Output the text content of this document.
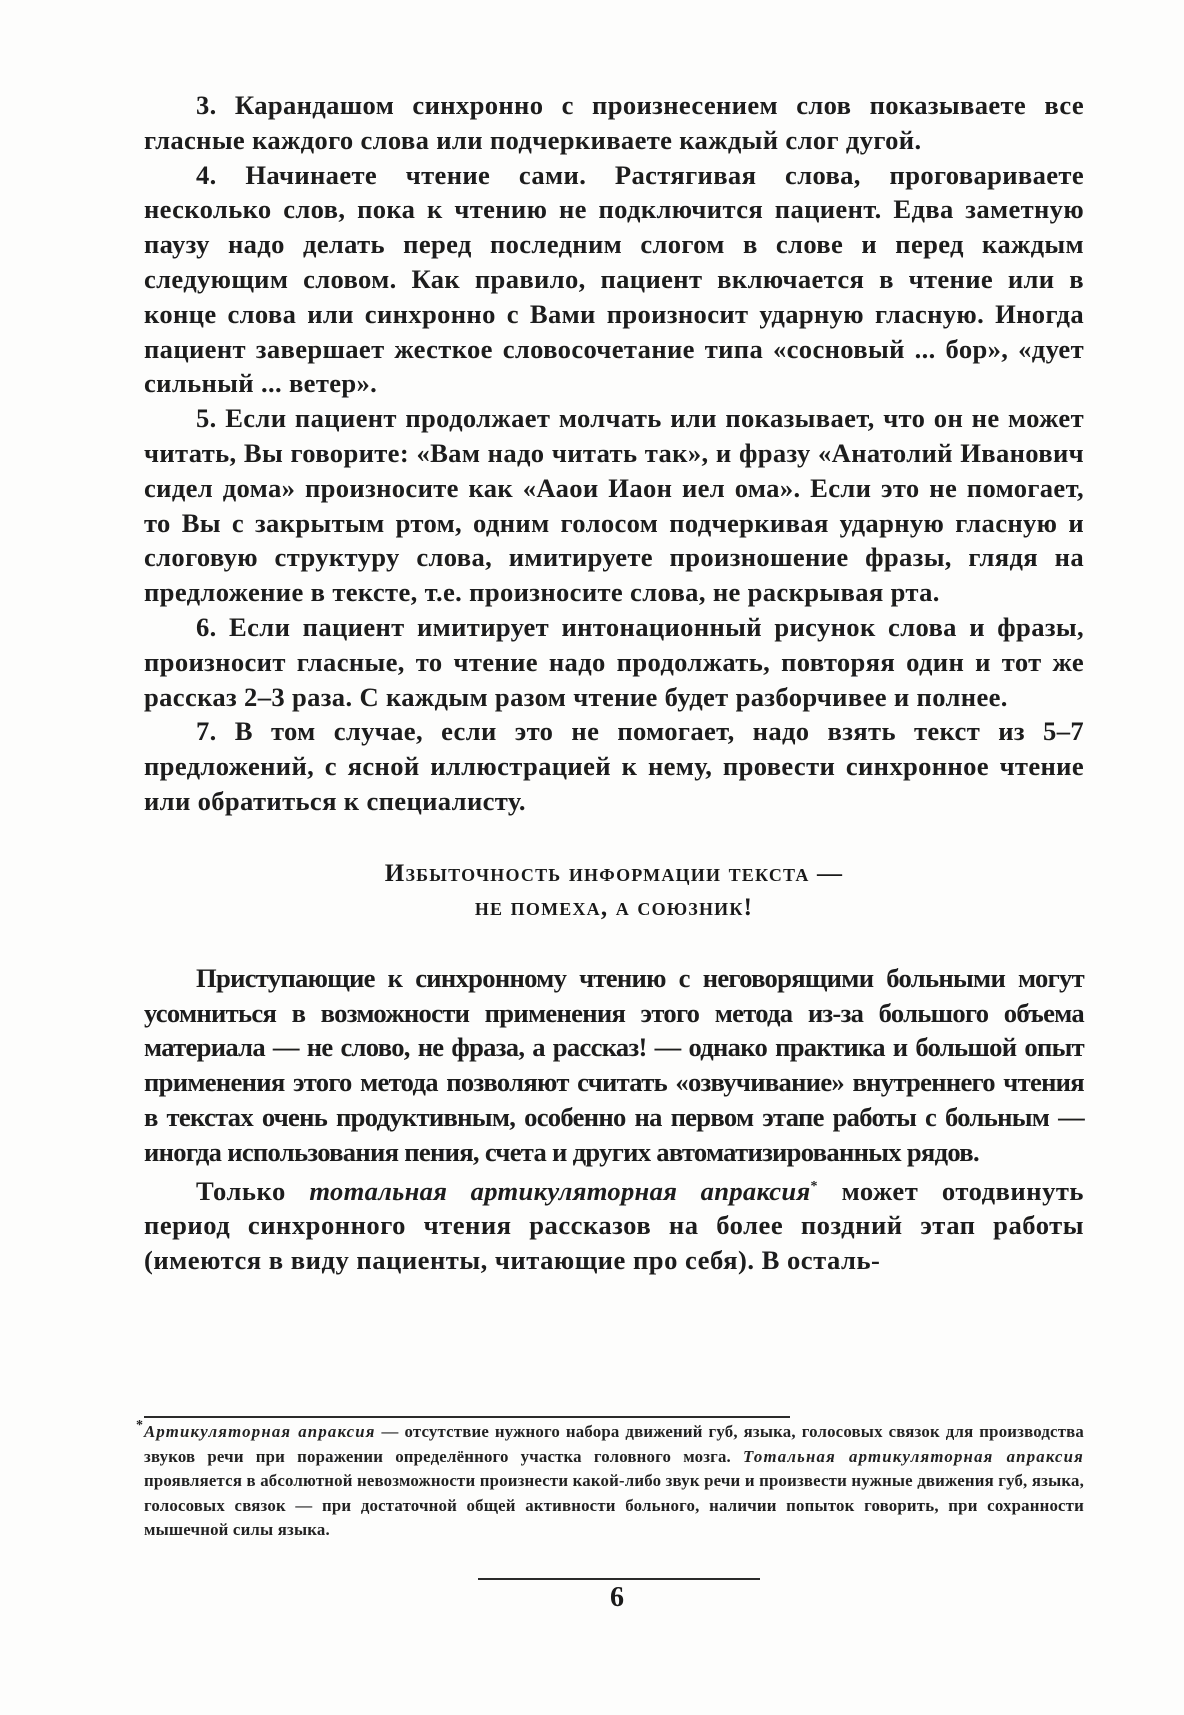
3. Карандашом синхронно с произнесением слов показываете все гласные каждого слова или подчеркиваете каждый слог дугой.

4. Начинаете чтение сами. Растягивая слова, проговариваете несколько слов, пока к чтению не подключится пациент. Едва заметную паузу надо делать перед последним слогом в слове и перед каждым следующим словом. Как правило, пациент включается в чтение или в конце слова или синхронно с Вами произносит ударную гласную. Иногда пациент завершает жесткое словосочетание типа «сосновый ... бор», «дует сильный ... ветер».

5. Если пациент продолжает молчать или показывает, что он не может читать, Вы говорите: «Вам надо читать так», и фразу «Анатолий Иванович сидел дома» произносите как «Ааои Иаон иел ома». Если это не помогает, то Вы с закрытым ртом, одним голосом подчеркивая ударную гласную и слоговую структуру слова, имитируете произношение фразы, глядя на предложение в тексте, т.е. произносите слова, не раскрывая рта.

6. Если пациент имитирует интонационный рисунок слова и фразы, произносит гласные, то чтение надо продолжать, повторяя один и тот же рассказ 2–3 раза. С каждым разом чтение будет разборчивее и полнее.

7. В том случае, если это не помогает, надо взять текст из 5–7 предложений, с ясной иллюстрацией к нему, провести синхронное чтение или обратиться к специалисту.

Избыточность информации текста —
не помеха, а союзник!

Приступающие к синхронному чтению с неговорящими больными могут усомниться в возможности применения этого метода из-за большого объема материала — не слово, не фраза, а рассказ! — однако практика и большой опыт применения этого метода позволяют считать «озвучивание» внутреннего чтения в текстах очень продуктивным, особенно на первом этапе работы с больным — иногда использования пения, счета и других автоматизированных рядов.

Только тотальная артикуляторная апраксия* может отодвинуть период синхронного чтения рассказов на более поздний этап работы (имеются в виду пациенты, читающие про себя). В осталь-

* Артикуляторная апраксия — отсутствие нужного набора движений губ, языка, голосовых связок для производства звуков речи при поражении определённого участка головного мозга. Тотальная артикуляторная апраксия проявляется в абсолютной невозможности произнести какой-либо звук речи и произвести нужные движения губ, языка, голосовых связок — при достаточной общей активности больного, наличии попыток говорить, при сохранности мышечной силы языка.
6
